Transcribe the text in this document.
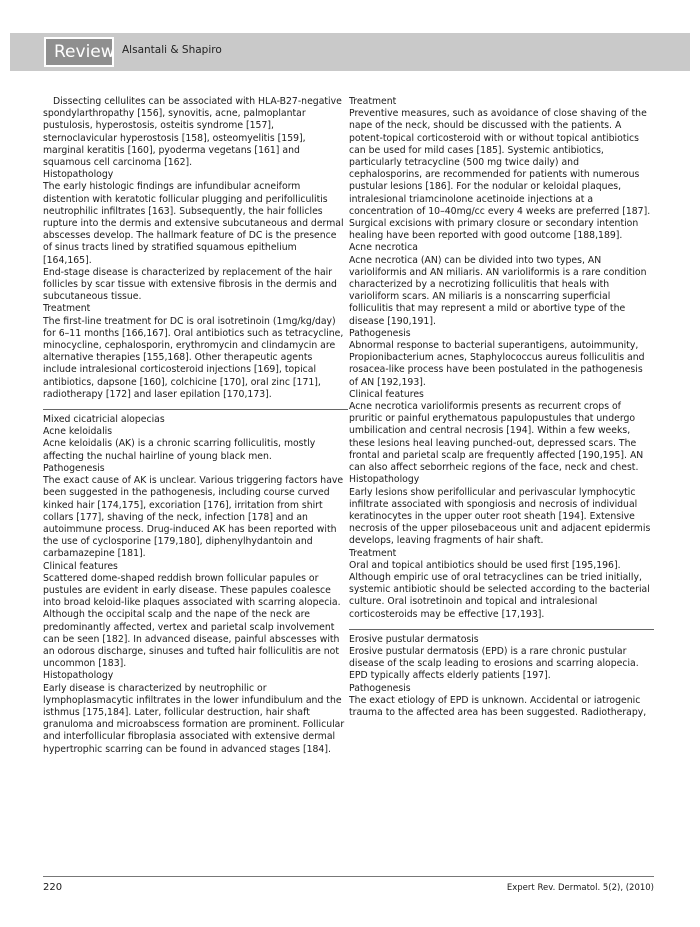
Review Alsantali & Shapiro

Dissecting cellulites can be associated with HLA-B27-negative spondylarthropathy [156], synovitis, acne, palmoplantar pustulosis, hyperostosis, osteitis syndrome [157], sternoclavicular hyperostosis [158], osteomyelitis [159], marginal keratitis [160], pyoderma vegetans [161] and squamous cell carcinoma [162].

Histopathology

The early histologic findings are infundibular acneiform distention with keratotic follicular plugging and perifolliculitis neutrophilic infiltrates [163]. Subsequently, the hair follicles rupture into the dermis and extensive subcutaneous and dermal abscesses develop. The hallmark feature of DC is the presence of sinus tracts lined by stratified squamous epithelium [164,165].

End-stage disease is characterized by replacement of the hair follicles by scar tissue with extensive fibrosis in the dermis and subcutaneous tissue.

Treatment

The first-line treatment for DC is oral isotretinoin (1mg/kg/day) for 6–11 months [166,167]. Oral antibiotics such as tetracycline, minocycline, cephalosporin, erythromycin and clindamycin are alternative therapies [155,168]. Other therapeutic agents include intralesional corticosteroid injections [169], topical antibiotics, dapsone [160], colchicine [170], oral zinc [171], radiotherapy [172] and laser epilation [170,173].

Mixed cicatricial alopecias

Acne keloidalis

Acne keloidalis (AK) is a chronic scarring folliculitis, mostly affecting the nuchal hairline of young black men.

Pathogenesis

The exact cause of AK is unclear. Various triggering factors have been suggested in the pathogenesis, including course curved kinked hair [174,175], excoriation [176], irritation from shirt collars [177], shaving of the neck, infection [178] and an autoimmune process. Drug-induced AK has been reported with the use of cyclosporine [179,180], diphenylhydantoin and carbamazepine [181].

Clinical features

Scattered dome-shaped reddish brown follicular papules or pustules are evident in early disease. These papules coalesce into broad keloid-like plaques associated with scarring alopecia. Although the occipital scalp and the nape of the neck are predominantly affected, vertex and parietal scalp involvement can be seen [182]. In advanced disease, painful abscesses with an odorous discharge, sinuses and tufted hair folliculitis are not uncommon [183].

Histopathology

Early disease is characterized by neutrophilic or lymphoplasmacytic infiltrates in the lower infundibulum and the isthmus [175,184]. Later, follicular destruction, hair shaft granuloma and microabscess formation are prominent. Follicular and interfollicular fibroplasia associated with extensive dermal hypertrophic scarring can be found in advanced stages [184].

Treatment

Preventive measures, such as avoidance of close shaving of the nape of the neck, should be discussed with the patients. A potent-topical corticosteroid with or without topical antibiotics can be used for mild cases [185]. Systemic antibiotics, particularly tetracycline (500 mg twice daily) and cephalosporins, are recommended for patients with numerous pustular lesions [186]. For the nodular or keloidal plaques, intralesional triamcinolone acetinoide injections at a concentration of 10–40mg/cc every 4 weeks are preferred [187]. Surgical excisions with primary closure or secondary intention healing have been reported with good outcome [188,189].

Acne necrotica

Acne necrotica (AN) can be divided into two types, AN varioliformis and AN miliaris. AN varioliformis is a rare condition characterized by a necrotizing folliculitis that heals with varioliform scars. AN miliaris is a nonscarring superficial folliculitis that may represent a mild or abortive type of the disease [190,191].

Pathogenesis

Abnormal response to bacterial superantigens, autoimmunity, Propionibacterium acnes, Staphylococcus aureus folliculitis and rosacea-like process have been postulated in the pathogenesis of AN [192,193].

Clinical features

Acne necrotica varioliformis presents as recurrent crops of pruritic or painful erythematous papulopustules that undergo umbilication and central necrosis [194]. Within a few weeks, these lesions heal leaving punched-out, depressed scars. The frontal and parietal scalp are frequently affected [190,195]. AN can also affect seborrheic regions of the face, neck and chest.

Histopathology

Early lesions show perifollicular and perivascular lymphocytic infiltrate associated with spongiosis and necrosis of individual keratinocytes in the upper outer root sheath [194]. Extensive necrosis of the upper pilosebaceous unit and adjacent epidermis develops, leaving fragments of hair shaft.

Treatment

Oral and topical antibiotics should be used first [195,196]. Although empiric use of oral tetracyclines can be tried initially, systemic antibiotic should be selected according to the bacterial culture. Oral isotretinoin and topical and intralesional corticosteroids may be effective [17,193].

Erosive pustular dermatosis

Erosive pustular dermatosis (EPD) is a rare chronic pustular disease of the scalp leading to erosions and scarring alopecia. EPD typically affects elderly patients [197].

Pathogenesis

The exact etiology of EPD is unknown. Accidental or iatrogenic trauma to the affected area has been suggested. Radiotherapy,

220	Expert Rev. Dermatol. 5(2), (2010)
